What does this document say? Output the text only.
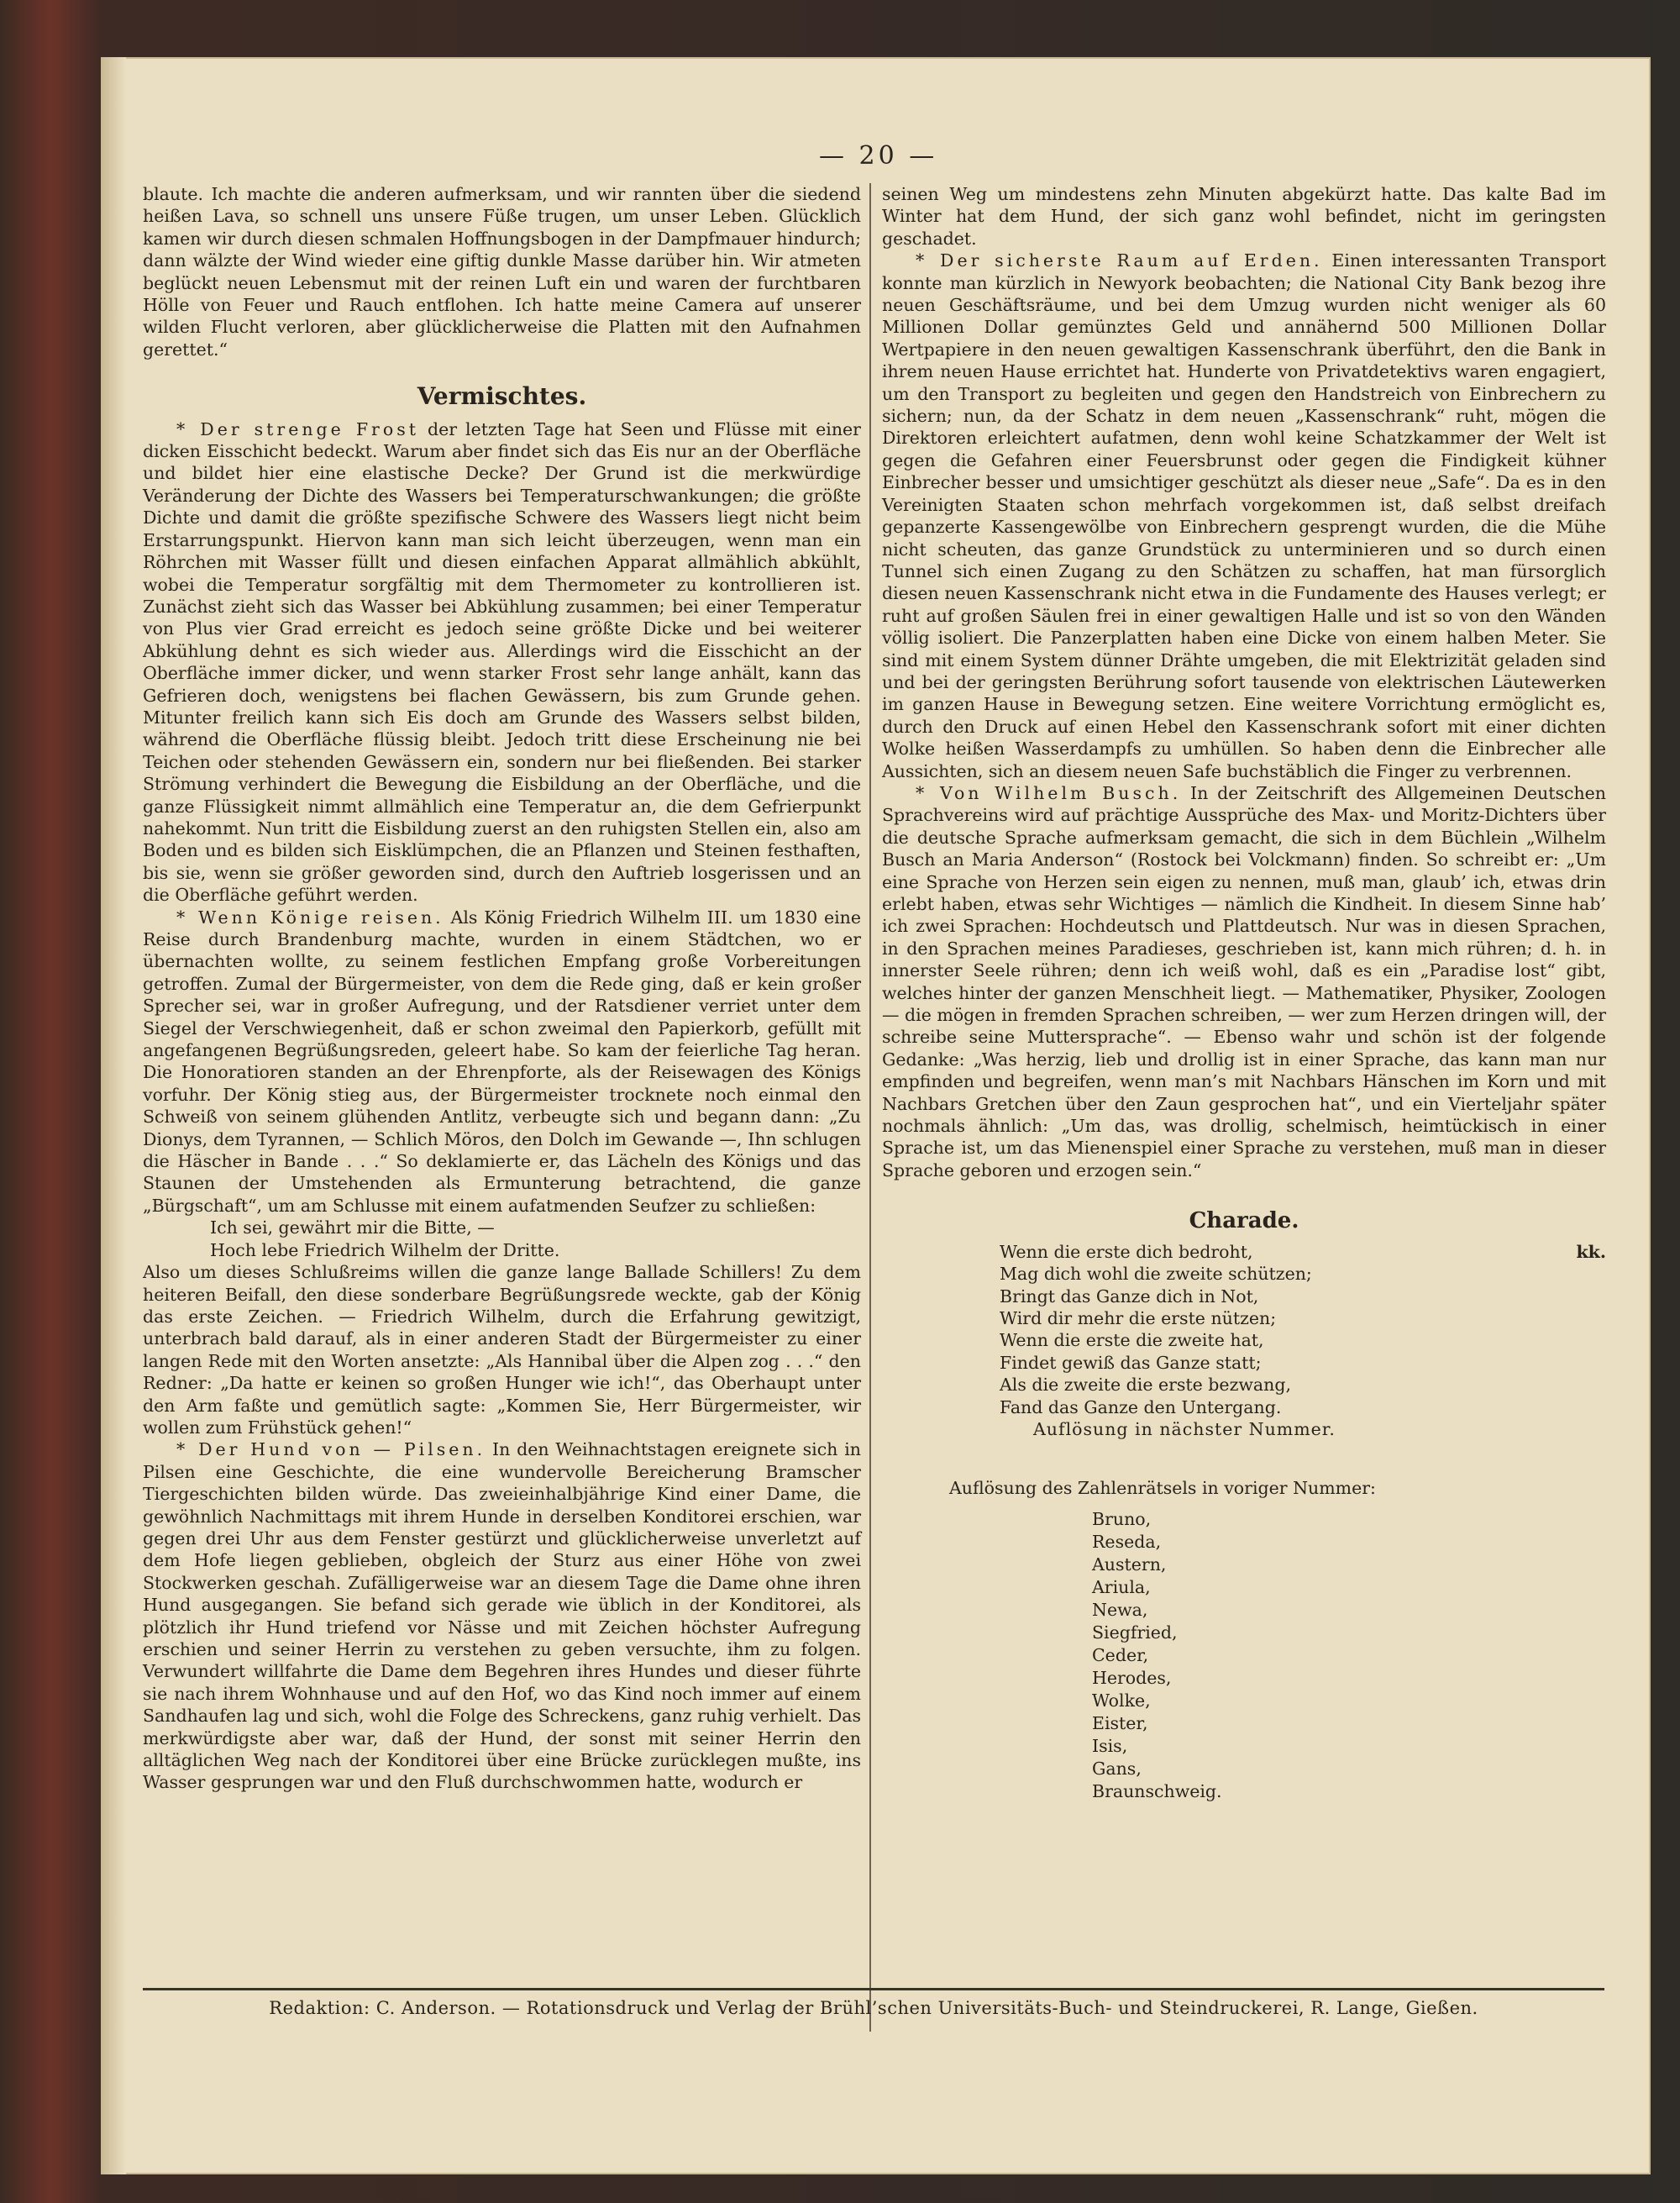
— 20 —

blaute. Ich machte die anderen aufmerksam, und wir rannten über die siedend heißen Lava, so schnell uns unsere Füße trugen, um unser Leben. Glücklich kamen wir durch diesen schmalen Hoffnungsbogen in der Dampfmauer hindurch; dann wälzte der Wind wieder eine giftig dunkle Masse darüber hin. Wir atmeten beglückt neuen Lebensmut mit der reinen Luft ein und waren der furchtbaren Hölle von Feuer und Rauch entflohen. Ich hatte meine Camera auf unserer wilden Flucht verloren, aber glücklicherweise die Platten mit den Aufnahmen gerettet.“

Vermischtes.

* Der strenge Frost der letzten Tage hat Seen und Flüsse mit einer dicken Eisschicht bedeckt. Warum aber findet sich das Eis nur an der Oberfläche und bildet hier eine elastische Decke? Der Grund ist die merkwürdige Veränderung der Dichte des Wassers bei Temperaturschwankungen; die größte Dichte und damit die größte spezifische Schwere des Wassers liegt nicht beim Erstarrungspunkt. Hiervon kann man sich leicht überzeugen, wenn man ein Röhrchen mit Wasser füllt und diesen einfachen Apparat allmählich abkühlt, wobei die Temperatur sorgfältig mit dem Thermometer zu kontrollieren ist. Zunächst zieht sich das Wasser bei Abkühlung zusammen; bei einer Temperatur von Plus vier Grad erreicht es jedoch seine größte Dicke und bei weiterer Abkühlung dehnt es sich wieder aus. Allerdings wird die Eisschicht an der Oberfläche immer dicker, und wenn starker Frost sehr lange anhält, kann das Gefrieren doch, wenigstens bei flachen Gewässern, bis zum Grunde gehen. Mitunter freilich kann sich Eis doch am Grunde des Wassers selbst bilden, während die Oberfläche flüssig bleibt. Jedoch tritt diese Erscheinung nie bei Teichen oder stehenden Gewässern ein, sondern nur bei fließenden. Bei starker Strömung verhindert die Bewegung die Eisbildung an der Oberfläche, und die ganze Flüssigkeit nimmt allmählich eine Temperatur an, die dem Gefrierpunkt nahekommt. Nun tritt die Eisbildung zuerst an den ruhigsten Stellen ein, also am Boden und es bilden sich Eisklümpchen, die an Pflanzen und Steinen festhaften, bis sie, wenn sie größer geworden sind, durch den Auftrieb losgerissen und an die Oberfläche geführt werden.

* Wenn Könige reisen. Als König Friedrich Wilhelm III. um 1830 eine Reise durch Brandenburg machte, wurden in einem Städtchen, wo er übernachten wollte, zu seinem festlichen Empfang große Vorbereitungen getroffen. Zumal der Bürgermeister, von dem die Rede ging, daß er kein großer Sprecher sei, war in großer Aufregung, und der Ratsdiener verriet unter dem Siegel der Verschwiegenheit, daß er schon zweimal den Papierkorb, gefüllt mit angefangenen Begrüßungsreden, geleert habe. So kam der feierliche Tag heran. Die Honoratioren standen an der Ehrenpforte, als der Reisewagen des Königs vorfuhr. Der König stieg aus, der Bürgermeister trocknete noch einmal den Schweiß von seinem glühenden Antlitz, verbeugte sich und begann dann: „Zu Dionys, dem Tyrannen, — Schlich Möros, den Dolch im Gewande —, Ihn schlugen die Häscher in Bande . . .“ So deklamierte er, das Lächeln des Königs und das Staunen der Umstehenden als Ermunterung betrachtend, die ganze „Bürgschaft“, um am Schlusse mit einem aufatmenden Seufzer zu schließen:

Ich sei, gewährt mir die Bitte, —
Hoch lebe Friedrich Wilhelm der Dritte.

Also um dieses Schlußreims willen die ganze lange Ballade Schillers! Zu dem heiteren Beifall, den diese sonderbare Begrüßungsrede weckte, gab der König das erste Zeichen. — Friedrich Wilhelm, durch die Erfahrung gewitzigt, unterbrach bald darauf, als in einer anderen Stadt der Bürgermeister zu einer langen Rede mit den Worten ansetzte: „Als Hannibal über die Alpen zog . . .“ den Redner: „Da hatte er keinen so großen Hunger wie ich!“, das Oberhaupt unter den Arm faßte und gemütlich sagte: „Kommen Sie, Herr Bürgermeister, wir wollen zum Frühstück gehen!“

* Der Hund von — Pilsen. In den Weihnachtstagen ereignete sich in Pilsen eine Geschichte, die eine wundervolle Bereicherung Bramscher Tiergeschichten bilden würde. Das zweieinhalbjährige Kind einer Dame, die gewöhnlich Nachmittags mit ihrem Hunde in derselben Konditorei erschien, war gegen drei Uhr aus dem Fenster gestürzt und glücklicherweise unverletzt auf dem Hofe liegen geblieben, obgleich der Sturz aus einer Höhe von zwei Stockwerken geschah. Zufälligerweise war an diesem Tage die Dame ohne ihren Hund ausgegangen. Sie befand sich gerade wie üblich in der Konditorei, als plötzlich ihr Hund triefend vor Nässe und mit Zeichen höchster Aufregung erschien und seiner Herrin zu verstehen zu geben versuchte, ihm zu folgen. Verwundert willfahrte die Dame dem Begehren ihres Hundes und dieser führte sie nach ihrem Wohnhause und auf den Hof, wo das Kind noch immer auf einem Sandhaufen lag und sich, wohl die Folge des Schreckens, ganz ruhig verhielt. Das merkwürdigste aber war, daß der Hund, der sonst mit seiner Herrin den alltäglichen Weg nach der Konditorei über eine Brücke zurücklegen mußte, ins Wasser gesprungen war und den Fluß durchschwommen hatte, wodurch er

seinen Weg um mindestens zehn Minuten abgekürzt hatte. Das kalte Bad im Winter hat dem Hund, der sich ganz wohl befindet, nicht im geringsten geschadet.

* Der sicherste Raum auf Erden. Einen interessanten Transport konnte man kürzlich in Newyork beobachten; die National City Bank bezog ihre neuen Geschäftsräume, und bei dem Umzug wurden nicht weniger als 60 Millionen Dollar gemünztes Geld und annähernd 500 Millionen Dollar Wertpapiere in den neuen gewaltigen Kassenschrank überführt, den die Bank in ihrem neuen Hause errichtet hat. Hunderte von Privatdetektivs waren engagiert, um den Transport zu begleiten und gegen den Handstreich von Einbrechern zu sichern; nun, da der Schatz in dem neuen „Kassenschrank“ ruht, mögen die Direktoren erleichtert aufatmen, denn wohl keine Schatzkammer der Welt ist gegen die Gefahren einer Feuersbrunst oder gegen die Findigkeit kühner Einbrecher besser und umsichtiger geschützt als dieser neue „Safe“. Da es in den Vereinigten Staaten schon mehrfach vorgekommen ist, daß selbst dreifach gepanzerte Kassengewölbe von Einbrechern gesprengt wurden, die die Mühe nicht scheuten, das ganze Grundstück zu unterminieren und so durch einen Tunnel sich einen Zugang zu den Schätzen zu schaffen, hat man fürsorglich diesen neuen Kassenschrank nicht etwa in die Fundamente des Hauses verlegt; er ruht auf großen Säulen frei in einer gewaltigen Halle und ist so von den Wänden völlig isoliert. Die Panzerplatten haben eine Dicke von einem halben Meter. Sie sind mit einem System dünner Drähte umgeben, die mit Elektrizität geladen sind und bei der geringsten Berührung sofort tausende von elektrischen Läutewerken im ganzen Hause in Bewegung setzen. Eine weitere Vorrichtung ermöglicht es, durch den Druck auf einen Hebel den Kassenschrank sofort mit einer dichten Wolke heißen Wasserdampfs zu umhüllen. So haben denn die Einbrecher alle Aussichten, sich an diesem neuen Safe buchstäblich die Finger zu verbrennen.

* Von Wilhelm Busch. In der Zeitschrift des Allgemeinen Deutschen Sprachvereins wird auf prächtige Aussprüche des Max- und Moritz-Dichters über die deutsche Sprache aufmerksam gemacht, die sich in dem Büchlein „Wilhelm Busch an Maria Anderson“ (Rostock bei Volckmann) finden. So schreibt er: „Um eine Sprache von Herzen sein eigen zu nennen, muß man, glaub’ ich, etwas drin erlebt haben, etwas sehr Wichtiges — nämlich die Kindheit. In diesem Sinne hab’ ich zwei Sprachen: Hochdeutsch und Plattdeutsch. Nur was in diesen Sprachen, in den Sprachen meines Paradieses, geschrieben ist, kann mich rühren; d. h. in innerster Seele rühren; denn ich weiß wohl, daß es ein „Paradise lost“ gibt, welches hinter der ganzen Menschheit liegt. — Mathematiker, Physiker, Zoologen — die mögen in fremden Sprachen schreiben, — wer zum Herzen dringen will, der schreibe seine Muttersprache“. — Ebenso wahr und schön ist der folgende Gedanke: „Was herzig, lieb und drollig ist in einer Sprache, das kann man nur empfinden und begreifen, wenn man’s mit Nachbars Hänschen im Korn und mit Nachbars Gretchen über den Zaun gesprochen hat“, und ein Vierteljahr später nochmals ähnlich: „Um das, was drollig, schelmisch, heimtückisch in einer Sprache ist, um das Mienenspiel einer Sprache zu verstehen, muß man in dieser Sprache geboren und erzogen sein.“

Charade.
kk.
Wenn die erste dich bedroht,
Mag dich wohl die zweite schützen;
Bringt das Ganze dich in Not,
Wird dir mehr die erste nützen;
Wenn die erste die zweite hat,
Findet gewiß das Ganze statt;
Als die zweite die erste bezwang,
Fand das Ganze den Untergang.
Auflösung in nächster Nummer.
Auflösung des Zahlenrätsels in voriger Nummer:
Bruno,
Reseda,
Austern,
Ariula,
Newa,
Siegfried,
Ceder,
Herodes,
Wolke,
Eister,
Isis,
Gans,
Braunschweig.
Redaktion: C. Anderson. — Rotationsdruck und Verlag der Brühl’schen Universitäts-Buch- und Steindruckerei, R. Lange, Gießen.
